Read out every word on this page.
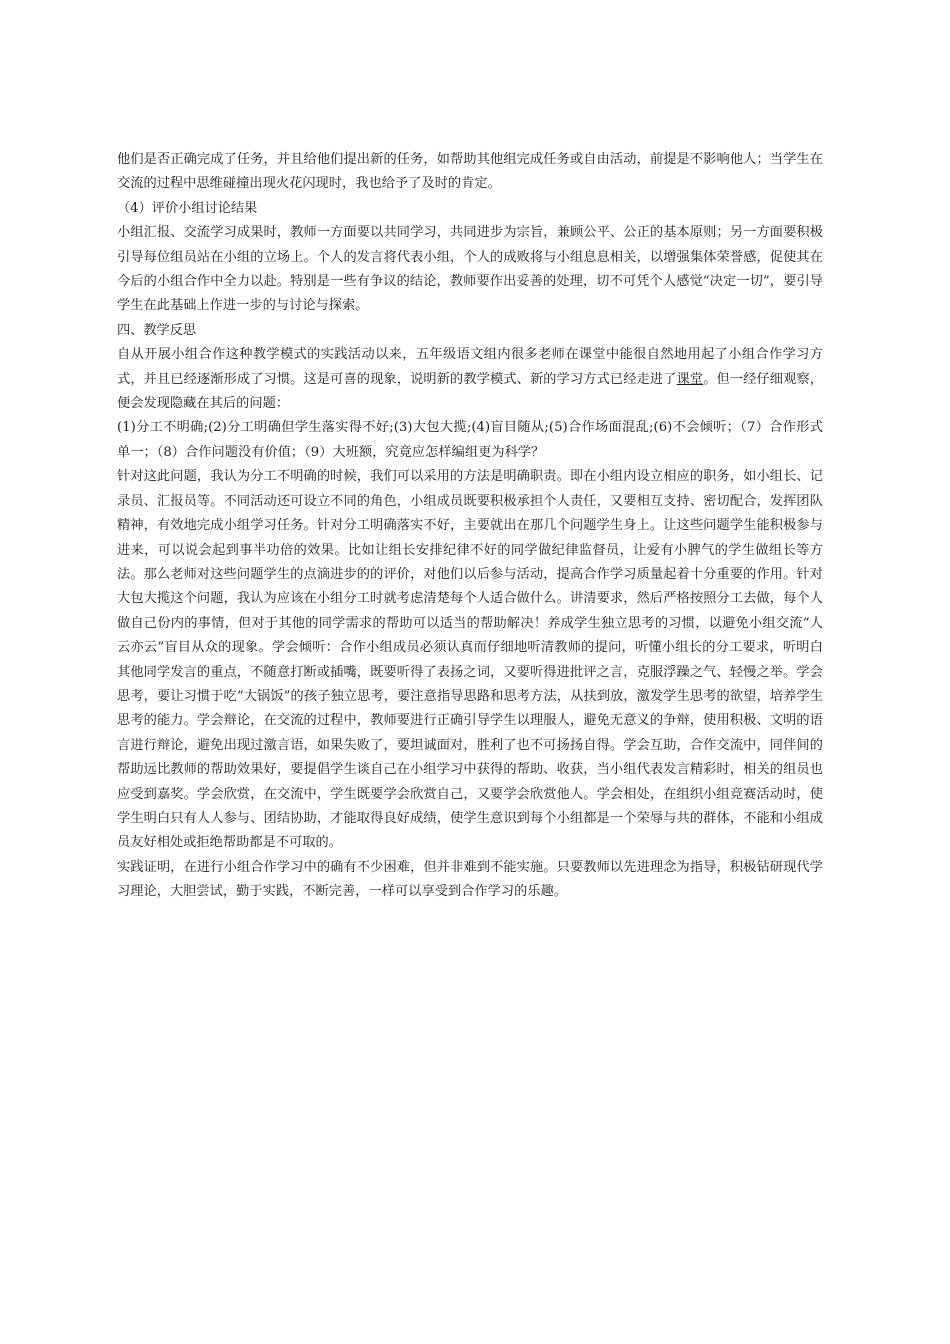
他们是否正确完成了任务，并且给他们提出新的任务，如帮助其他组完成任务或自由活动，前提是不影响他人；当学生在交流的过程中思维碰撞出现火花闪现时，我也给予了及时的肯定。

（4）评价小组讨论结果

小组汇报、交流学习成果时，教师一方面要以共同学习，共同进步为宗旨，兼顾公平、公正的基本原则；另一方面要积极引导每位组员站在小组的立场上。个人的发言将代表小组，个人的成败将与小组息息相关，以增强集体荣誉感，促使其在今后的小组合作中全力以赴。特别是一些有争议的结论，教师要作出妥善的处理，切不可凭个人感觉“决定一切”，要引导学生在此基础上作进一步的与讨论与探索。

四、教学反思

自从开展小组合作这种教学模式的实践活动以来，五年级语文组内很多老师在课堂中能很自然地用起了小组合作学习方式，并且已经逐渐形成了习惯。这是可喜的现象，说明新的教学模式、新的学习方式已经走进了课堂。但一经仔细观察，便会发现隐藏在其后的问题：

(1)分工不明确;(2)分工明确但学生落实得不好;(3)大包大揽;(4)盲目随从;(5)合作场面混乱;(6)不会倾听；（7）合作形式单一；（8）合作问题没有价值；（9）大班额，究竟应怎样编组更为科学？

针对这此问题，我认为分工不明确的时候，我们可以采用的方法是明确职责。即在小组内设立相应的职务，如小组长、记录员、汇报员等。不同活动还可设立不同的角色，小组成员既要积极承担个人责任，又要相互支持、密切配合，发挥团队精神，有效地完成小组学习任务。针对分工明确落实不好，主要就出在那几个问题学生身上。让这些问题学生能积极参与进来，可以说会起到事半功倍的效果。比如让组长安排纪律不好的同学做纪律监督员，让爱有小脾气的学生做组长等方法。那么老师对这些问题学生的点滴进步的的评价，对他们以后参与活动，提高合作学习质量起着十分重要的作用。针对大包大揽这个问题，我认为应该在小组分工时就考虑清楚每个人适合做什么。讲清要求，然后严格按照分工去做，每个人做自己份内的事情，但对于其他的同学需求的帮助可以适当的帮助解决！养成学生独立思考的习惯，以避免小组交流“人云亦云”盲目从众的现象。学会倾听：合作小组成员必须认真而仔细地听清教师的提问，听懂小组长的分工要求，听明白其他同学发言的重点，不随意打断或插嘴，既要听得了表扬之词，又要听得进批评之言，克服浮躁之气、轻慢之举。学会思考，要让习惯于吃“大锅饭”的孩子独立思考，要注意指导思路和思考方法，从扶到放，激发学生思考的欲望，培养学生思考的能力。学会辩论，在交流的过程中，教师要进行正确引导学生以理服人，避免无意义的争辩，使用积极、文明的语言进行辩论，避免出现过激言语，如果失败了，要坦诚面对，胜利了也不可扬扬自得。学会互助，合作交流中，同伴间的帮助远比教师的帮助效果好，要提倡学生谈自己在小组学习中获得的帮助、收获，当小组代表发言精彩时，相关的组员也应受到嘉奖。学会欣赏，在交流中，学生既要学会欣赏自己，又要学会欣赏他人。学会相处，在组织小组竞赛活动时，使学生明白只有人人参与、团结协助，才能取得良好成绩，使学生意识到每个小组都是一个荣辱与共的群体，不能和小组成员友好相处或拒绝帮助都是不可取的。

实践证明，在进行小组合作学习中的确有不少困难，但并非难到不能实施。只要教师以先进理念为指导，积极钻研现代学习理论，大胆尝试，勤于实践，不断完善，一样可以享受到合作学习的乐趣。
